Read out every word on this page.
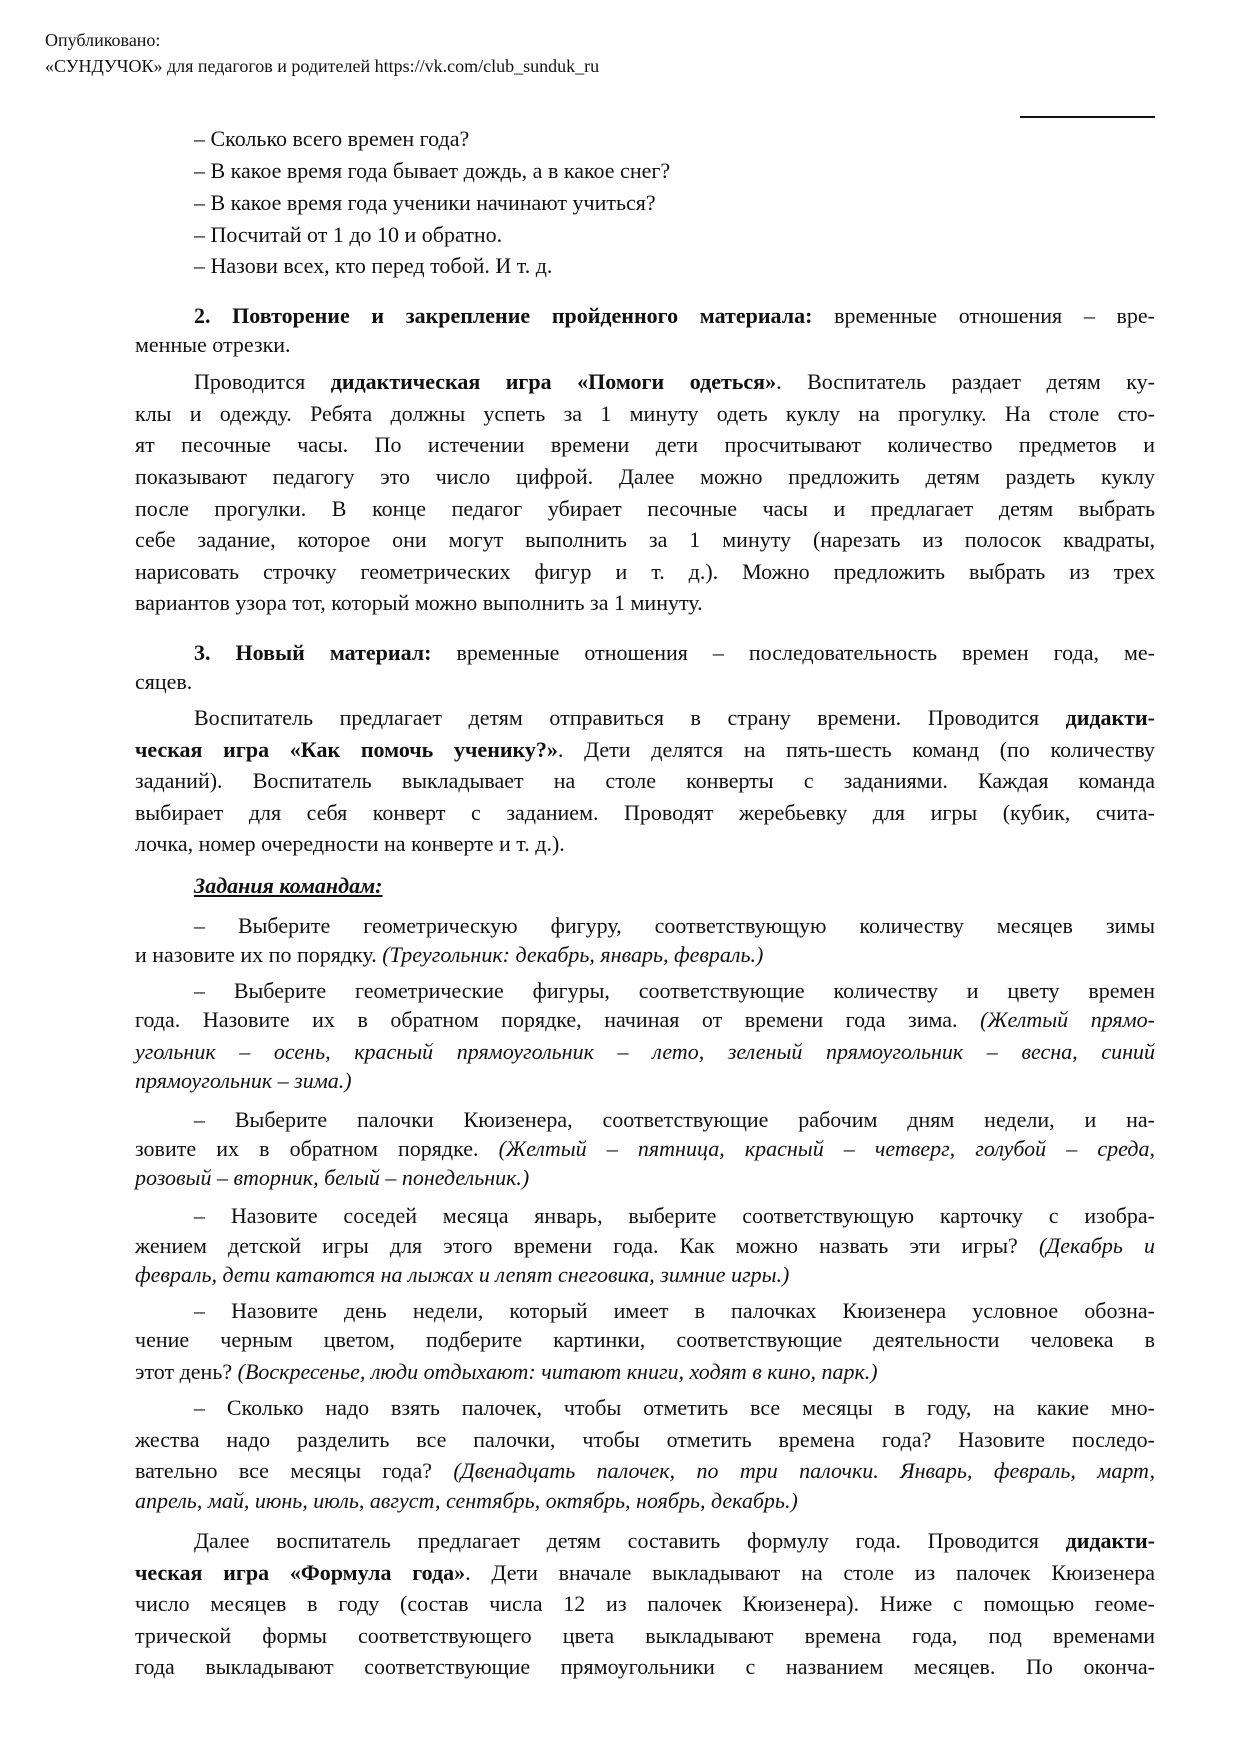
Опубликовано:
«СУНДУЧОК» для педагогов и родителей https://vk.com/club_sunduk_ru
– Сколько всего времен года?
– В какое время года бывает дождь, а в какое снег?
– В какое время года ученики начинают учиться?
– Посчитай от 1 до 10 и обратно.
– Назови всех, кто перед тобой. И т. д.
2. Повторение и закрепление пройденного материала: временные отношения – вре-
менные отрезки.
Проводится дидактическая игра «Помоги одеться». Воспитатель раздает детям ку-
клы и одежду. Ребята должны успеть за 1 минуту одеть куклу на прогулку. На столе сто-
ят песочные часы. По истечении времени дети просчитывают количество предметов и
показывают педагогу это число цифрой. Далее можно предложить детям раздеть куклу
после прогулки. В конце педагог убирает песочные часы и предлагает детям выбрать
себе задание, которое они могут выполнить за 1 минуту (нарезать из полосок квадраты,
нарисовать строчку геометрических фигур и т. д.). Можно предложить выбрать из трех
вариантов узора тот, который можно выполнить за 1 минуту.
3. Новый материал: временные отношения – последовательность времен года, ме-
сяцев.
Воспитатель предлагает детям отправиться в страну времени. Проводится дидакти-
ческая игра «Как помочь ученику?». Дети делятся на пять-шесть команд (по количеству
заданий). Воспитатель выкладывает на столе конверты с заданиями. Каждая команда
выбирает для себя конверт с заданием. Проводят жеребьевку для игры (кубик, счита-
лочка, номер очередности на конверте и т. д.).
Задания командам:
– Выберите геометрическую фигуру, соответствующую количеству месяцев зимы
и назовите их по порядку. (Треугольник: декабрь, январь, февраль.)
– Выберите геометрические фигуры, соответствующие количеству и цвету времен
года. Назовите их в обратном порядке, начиная от времени года зима. (Желтый прямо-
угольник – осень, красный прямоугольник – лето, зеленый прямоугольник – весна, синий
прямоугольник – зима.)
– Выберите палочки Кюизенера, соответствующие рабочим дням недели, и на-
зовите их в обратном порядке. (Желтый – пятница, красный – четверг, голубой – среда,
розовый – вторник, белый – понедельник.)
– Назовите соседей месяца январь, выберите соответствующую карточку с изобра-
жением детской игры для этого времени года. Как можно назвать эти игры? (Декабрь и
февраль, дети катаются на лыжах и лепят снеговика, зимние игры.)
– Назовите день недели, который имеет в палочках Кюизенера условное обозна-
чение черным цветом, подберите картинки, соответствующие деятельности человека в
этот день? (Воскресенье, люди отдыхают: читают книги, ходят в кино, парк.)
– Сколько надо взять палочек, чтобы отметить все месяцы в году, на какие мно-
жества надо разделить все палочки, чтобы отметить времена года? Назовите последо-
вательно все месяцы года? (Двенадцать палочек, по три палочки. Январь, февраль, март,
апрель, май, июнь, июль, август, сентябрь, октябрь, ноябрь, декабрь.)
Далее воспитатель предлагает детям составить формулу года. Проводится дидакти-
ческая игра «Формула года». Дети вначале выкладывают на столе из палочек Кюизенера
число месяцев в году (состав числа 12 из палочек Кюизенера). Ниже с помощью геоме-
трической формы соответствующего цвета выкладывают времена года, под временами
года выкладывают соответствующие прямоугольники с названием месяцев. По оконча-
